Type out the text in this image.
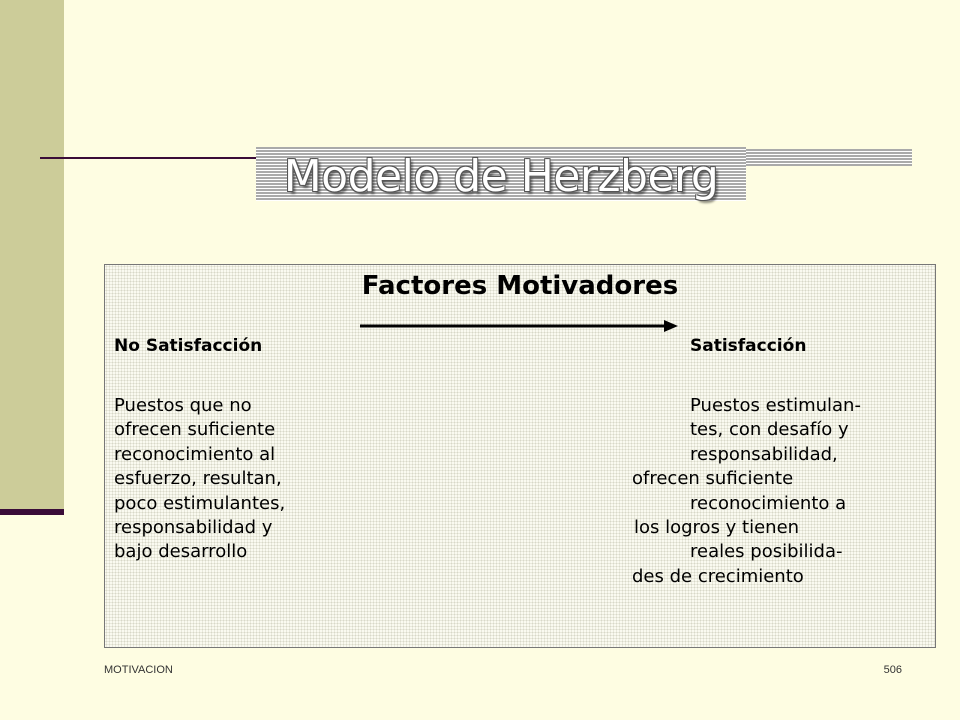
Modelo de Herzberg
Factores Motivadores
No Satisfacción	Satisfacción
Puestos que no
ofrecen suficiente
reconocimiento al
esfuerzo, resultan,
poco estimulantes,
responsabilidad y
bajo desarrollo
Puestos estimulan-
tes, con desafío y
responsabilidad,
ofrecen suficiente
reconocimiento a
los logros y tienen
reales posibilida-
des de crecimiento
MOTIVACION	506
